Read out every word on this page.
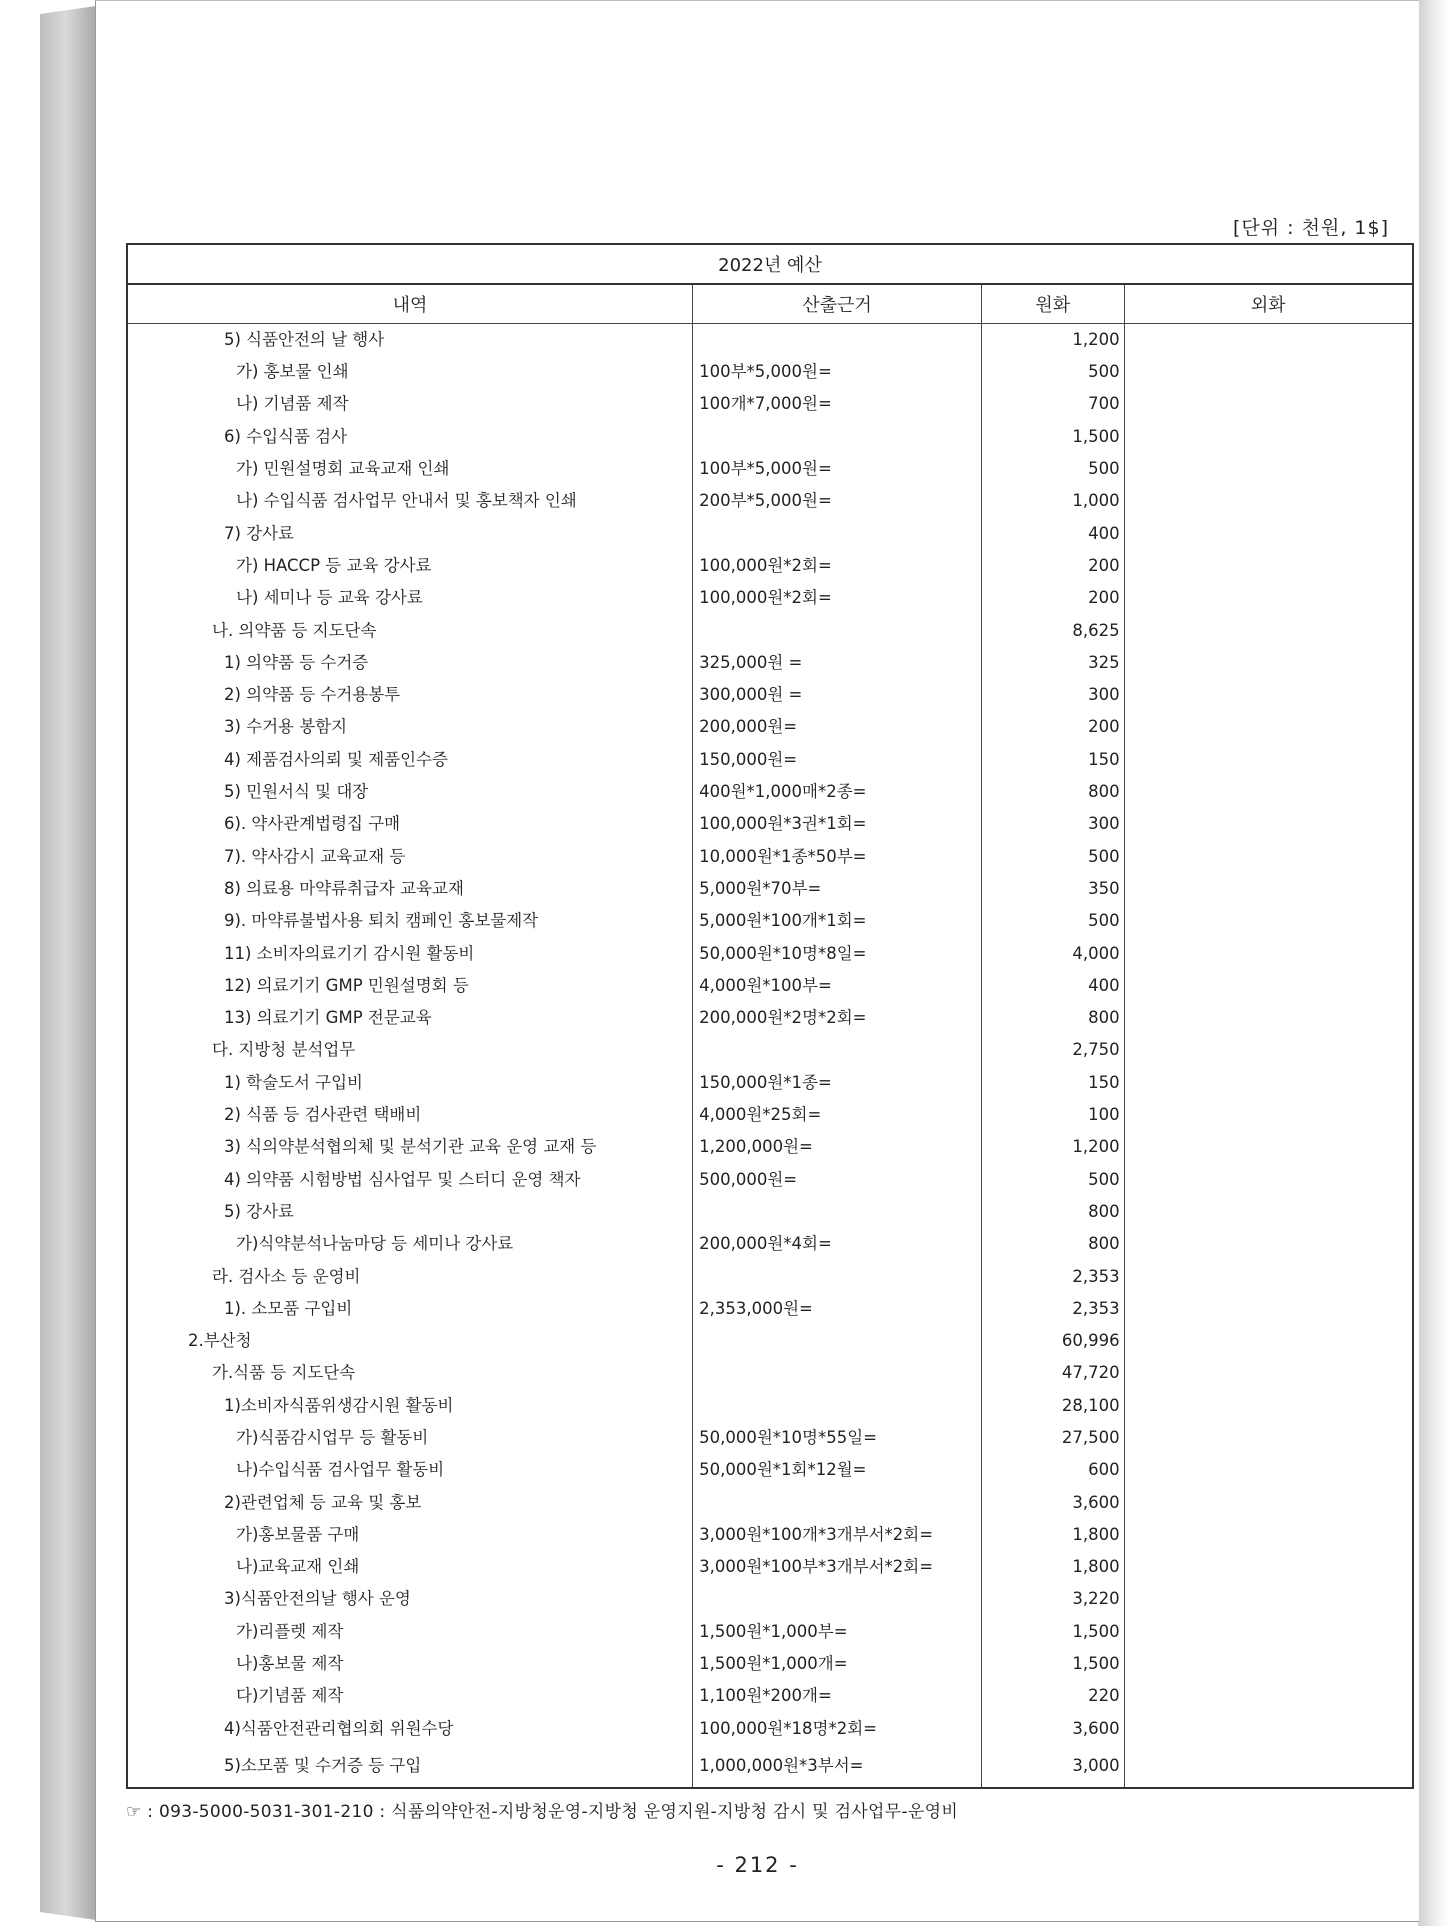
[단위 : 천원, 1$]
2022년 예산			
내역	산출근거	원화	외화
5) 식품안전의 날 행사		1,200	
가) 홍보물 인쇄	100부*5,000원=	500	
나) 기념품 제작	100개*7,000원=	700	
6) 수입식품 검사		1,500	
가) 민원설명회 교육교재 인쇄	100부*5,000원=	500	
나) 수입식품 검사업무 안내서 및 홍보책자 인쇄	200부*5,000원=	1,000	
7) 강사료		400	
가) HACCP 등 교육 강사료	100,000원*2회=	200	
나) 세미나 등 교육 강사료	100,000원*2회=	200	
나. 의약품 등 지도단속		8,625	
1) 의약품 등 수거증	325,000원 =	325	
2) 의약품 등 수거용봉투	300,000원 =	300	
3) 수거용 봉함지	200,000원=	200	
4) 제품검사의뢰 및 제품인수증	150,000원=	150	
5) 민원서식 및 대장	400원*1,000매*2종=	800	
6). 약사관계법령집 구매	100,000원*3권*1회=	300	
7). 약사감시 교육교재 등	10,000원*1종*50부=	500	
8) 의료용 마약류취급자 교육교재	5,000원*70부=	350	
9). 마약류불법사용 퇴치 캠페인 홍보물제작	5,000원*100개*1회=	500	
11) 소비자의료기기 감시원 활동비	50,000원*10명*8일=	4,000	
12) 의료기기 GMP 민원설명회 등	4,000원*100부=	400	
13) 의료기기 GMP 전문교육	200,000원*2명*2회=	800	
다. 지방청 분석업무		2,750	
1) 학술도서 구입비	150,000원*1종=	150	
2) 식품 등 검사관련 택배비	4,000원*25회=	100	
3) 식의약분석협의체 및 분석기관 교육 운영 교재 등	1,200,000원=	1,200	
4) 의약품 시험방법 심사업무 및 스터디 운영 책자	500,000원=	500	
5) 강사료		800	
가)식약분석나눔마당 등 세미나 강사료	200,000원*4회=	800	
라. 검사소 등 운영비		2,353	
1). 소모품 구입비	2,353,000원=	2,353	
2.부산청		60,996	
가.식품 등 지도단속		47,720	
1)소비자식품위생감시원 활동비		28,100	
가)식품감시업무 등 활동비	50,000원*10명*55일=	27,500	
나)수입식품 검사업무 활동비	50,000원*1회*12월=	600	
2)관련업체 등 교육 및 홍보		3,600	
가)홍보물품 구매	3,000원*100개*3개부서*2회=	1,800	
나)교육교재 인쇄	3,000원*100부*3개부서*2회=	1,800	
3)식품안전의날 행사 운영		3,220	
가)리플렛 제작	1,500원*1,000부=	1,500	
나)홍보물 제작	1,500원*1,000개=	1,500	
다)기념품 제작	1,100원*200개=	220	
4)식품안전관리협의회 위원수당	100,000원*18명*2회=	3,600	
5)소모품 및 수거증 등 구입	1,000,000원*3부서=	3,000	
☞ : 093-5000-5031-301-210 : 식품의약안전-지방청운영-지방청 운영지원-지방청 감시 및 검사업무-운영비
- 212 -
